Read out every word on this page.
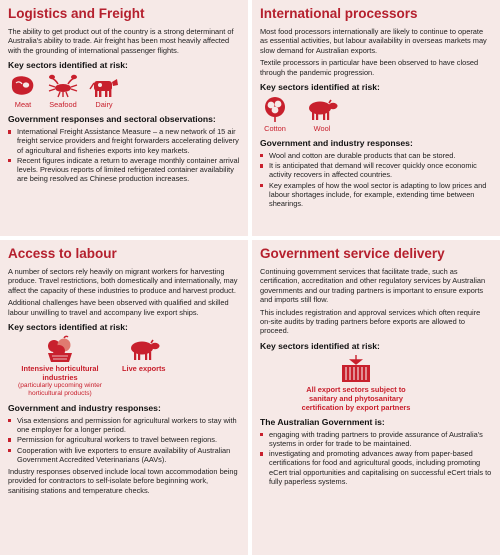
Logistics and Freight

The ability to get product out of the country is a strong determinant of Australia's ability to trade. Air freight has been most heavily affected with the grounding of international passenger flights.

Key sectors identified at risk:
Meat Seafood	Dairy
Government responses and sectoral observations:
International Freight Assistance Measure – a new network of 15 air freight service providers and freight forwarders accelerating delivery of agricultural and fisheries exports into key markets.
Recent figures indicate a return to average monthly container arrival levels. Previous reports of limited refrigerated container availability are being resolved as Chinese production increases.
International processors

Most food processors internationally are likely to continue to operate as essential activities, but labour availability in overseas markets may slow demand for Australian exports.

Textile processors in particular have been observed to have closed through the pandemic progression.

Key sectors identified at risk:
Cotton	Wool
Government and industry responses:
Wool and cotton are durable products that can be stored.
It is anticipated that demand will recover quickly once economic activity recovers in affected countries.
Key examples of how the wool sector is adapting to low prices and labour shortages include, for example, extending time between shearings.
Access to labour

A number of sectors rely heavily on migrant workers for harvesting produce. Travel restrictions, both domestically and internationally, may affect the capacity of these industries to produce and harvest product.

Additional challenges have been observed with qualified and skilled labour unwilling to travel and accompany live export ships.

Key sectors identified at risk:
Intensive horticultural industries
(particularly upcoming winter horticultural products)
Live exports
Government and industry responses:
Visa extensions and permission for agricultural workers to stay with one employer for a longer period.
Permission for agricultural workers to travel between regions.
Cooperation with live exporters to ensure availability of Australian Government Accredited Veterinarians (AAVs).

Industry responses observed include local town accommodation being provided for contractors to self-isolate before beginning work, sanitising stations and temperature checks.

Government service delivery

Continuing government services that facilitate trade, such as certification, accreditation and other regulatory services by Australian governments and our trading partners is important to ensure exports and imports still flow.

This includes registration and approval services which often require on-site audits by trading partners before exports are allowed to proceed.

Key sectors identified at risk:
All export sectors subject to sanitary and phytosanitary certification by export partners
The Australian Government is:
engaging with trading partners to provide assurance of Australia's systems in order for trade to be maintained.
investigating and promoting advances away from paper-based certifications for food and agricultural goods, including promoting eCert trial opportunities and capitalising on successful eCert trials to fully paperless systems.
